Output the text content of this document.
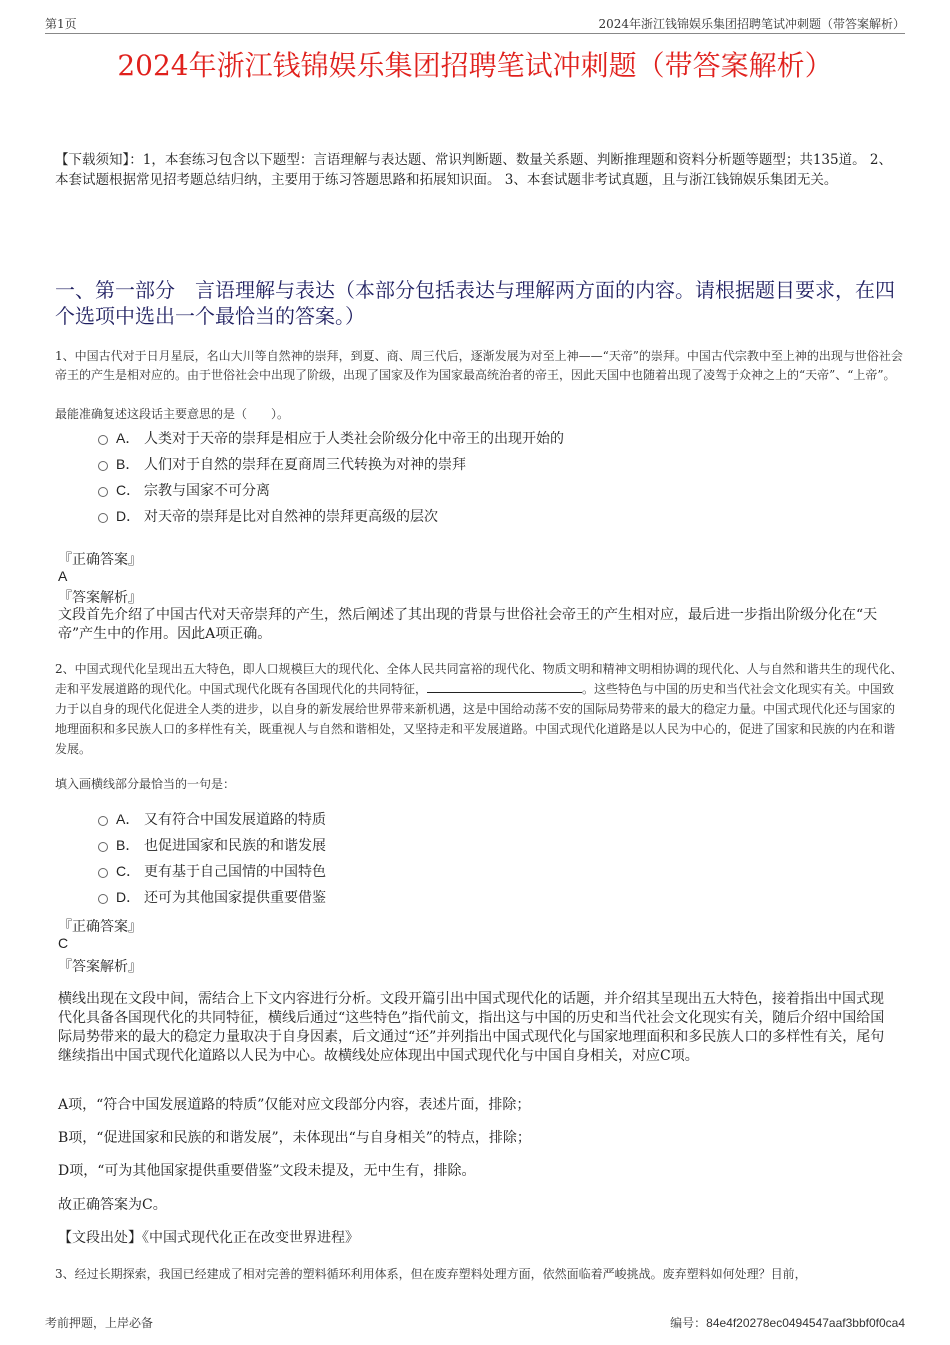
第1页	2024年浙江钱锦娱乐集团招聘笔试冲刺题（带答案解析）
2024年浙江钱锦娱乐集团招聘笔试冲刺题（带答案解析）
【下载须知】：1，本套练习包含以下题型：言语理解与表达题、常识判断题、数量关系题、判断推理题和资料分析题等题型；共135道。 2、本套试题根据常见招考题总结归纳，主要用于练习答题思路和拓展知识面。 3、本套试题非考试真题，且与浙江钱锦娱乐集团无关。
一、第一部分　言语理解与表达（本部分包括表达与理解两方面的内容。请根据题目要求，在四个选项中选出一个最恰当的答案。）
1、中国古代对于日月星辰，名山大川等自然神的崇拜，到夏、商、周三代后，逐渐发展为对至上神——“天帝”的崇拜。中国古代宗教中至上神的出现与世俗社会帝王的产生是相对应的。由于世俗社会中出现了阶级，出现了国家及作为国家最高统治者的帝王，因此天国中也随着出现了凌驾于众神之上的“天帝”、“上帝”。
最能准确复述这段话主要意思的是（　　）。
A． 人类对于天帝的崇拜是相应于人类社会阶级分化中帝王的出现开始的
B． 人们对于自然的崇拜在夏商周三代转换为对神的崇拜
C． 宗教与国家不可分离
D． 对天帝的崇拜是比对自然神的崇拜更高级的层次
『正确答案』
A
『答案解析』
文段首先介绍了中国古代对天帝崇拜的产生，然后阐述了其出现的背景与世俗社会帝王的产生相对应，最后进一步指出阶级分化在“天帝”产生中的作用。因此A项正确。
2、中国式现代化呈现出五大特色，即人口规模巨大的现代化、全体人民共同富裕的现代化、物质文明和精神文明相协调的现代化、人与自然和谐共生的现代化、走和平发展道路的现代化。中国式现代化既有各国现代化的共同特征，	。这些特色与中国的历史和当代社会文化现实有关。中国致力于以自身的现代化促进全人类的进步，以自身的新发展给世界带来新机遇，这是中国给动荡不安的国际局势带来的最大的稳定力量。中国式现代化还与国家的地理面积和多民族人口的多样性有关，既重视人与自然和谐相处，又坚持走和平发展道路。中国式现代化道路是以人民为中心的，促进了国家和民族的内在和谐发展。
填入画横线部分最恰当的一句是：
A． 又有符合中国发展道路的特质
B． 也促进国家和民族的和谐发展
C． 更有基于自己国情的中国特色
D． 还可为其他国家提供重要借鉴
『正确答案』
C
『答案解析』
横线出现在文段中间，需结合上下文内容进行分析。文段开篇引出中国式现代化的话题，并介绍其呈现出五大特色，接着指出中国式现代化具备各国现代化的共同特征，横线后通过“这些特色”指代前文，指出这与中国的历史和当代社会文化现实有关，随后介绍中国给国际局势带来的最大的稳定力量取决于自身因素，后文通过“还”并列指出中国式现代化与国家地理面积和多民族人口的多样性有关，尾句继续指出中国式现代化道路以人民为中心。故横线处应体现出中国式现代化与中国自身相关，对应C项。
A项，“符合中国发展道路的特质”仅能对应文段部分内容，表述片面，排除；
B项，“促进国家和民族的和谐发展”，未体现出“与自身相关”的特点，排除；
D项，“可为其他国家提供重要借鉴”文段未提及，无中生有，排除。
故正确答案为C。
【文段出处】《中国式现代化正在改变世界进程》
3、经过长期探索，我国已经建成了相对完善的塑料循环利用体系，但在废弃塑料处理方面，依然面临着严峻挑战。废弃塑料如何处理？目前，
考前押题，上岸必备	编号：84e4f20278ec0494547aaf3bbf0f0ca4
